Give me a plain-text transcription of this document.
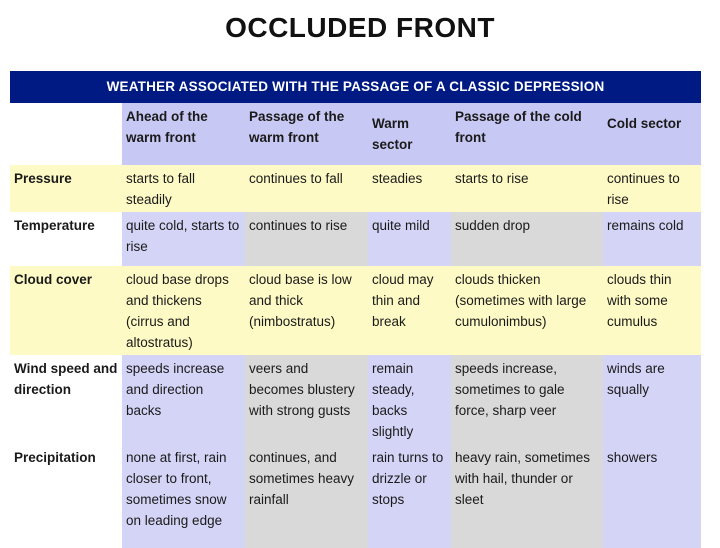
OCCLUDED FRONT
WEATHER ASSOCIATED WITH THE PASSAGE OF A CLASSIC DEPRESSION
	Ahead of the warm front	Passage of the warm front	Warm sector	Passage of the cold front	Cold sector
Pressure	starts to fall steadily	continues to fall	steadies	starts to rise	continues to rise
Temperature	quite cold, starts to rise	continues to rise	quite mild	sudden drop	remains cold
Cloud cover	cloud base drops and thickens (cirrus and altostratus)	cloud base is low and thick (nimbostratus)	cloud may thin and break	clouds thicken (sometimes with large cumulonimbus)	clouds thin with some cumulus
Wind speed and direction	speeds increase and direction backs	veers and becomes blustery with strong gusts	remain steady, backs slightly	speeds increase, sometimes to gale force, sharp veer	winds are squally
Precipitation	none at first, rain closer to front, sometimes snow on leading edge	continues, and sometimes heavy rainfall	rain turns to drizzle or stops	heavy rain, sometimes with hail, thunder or sleet	showers
